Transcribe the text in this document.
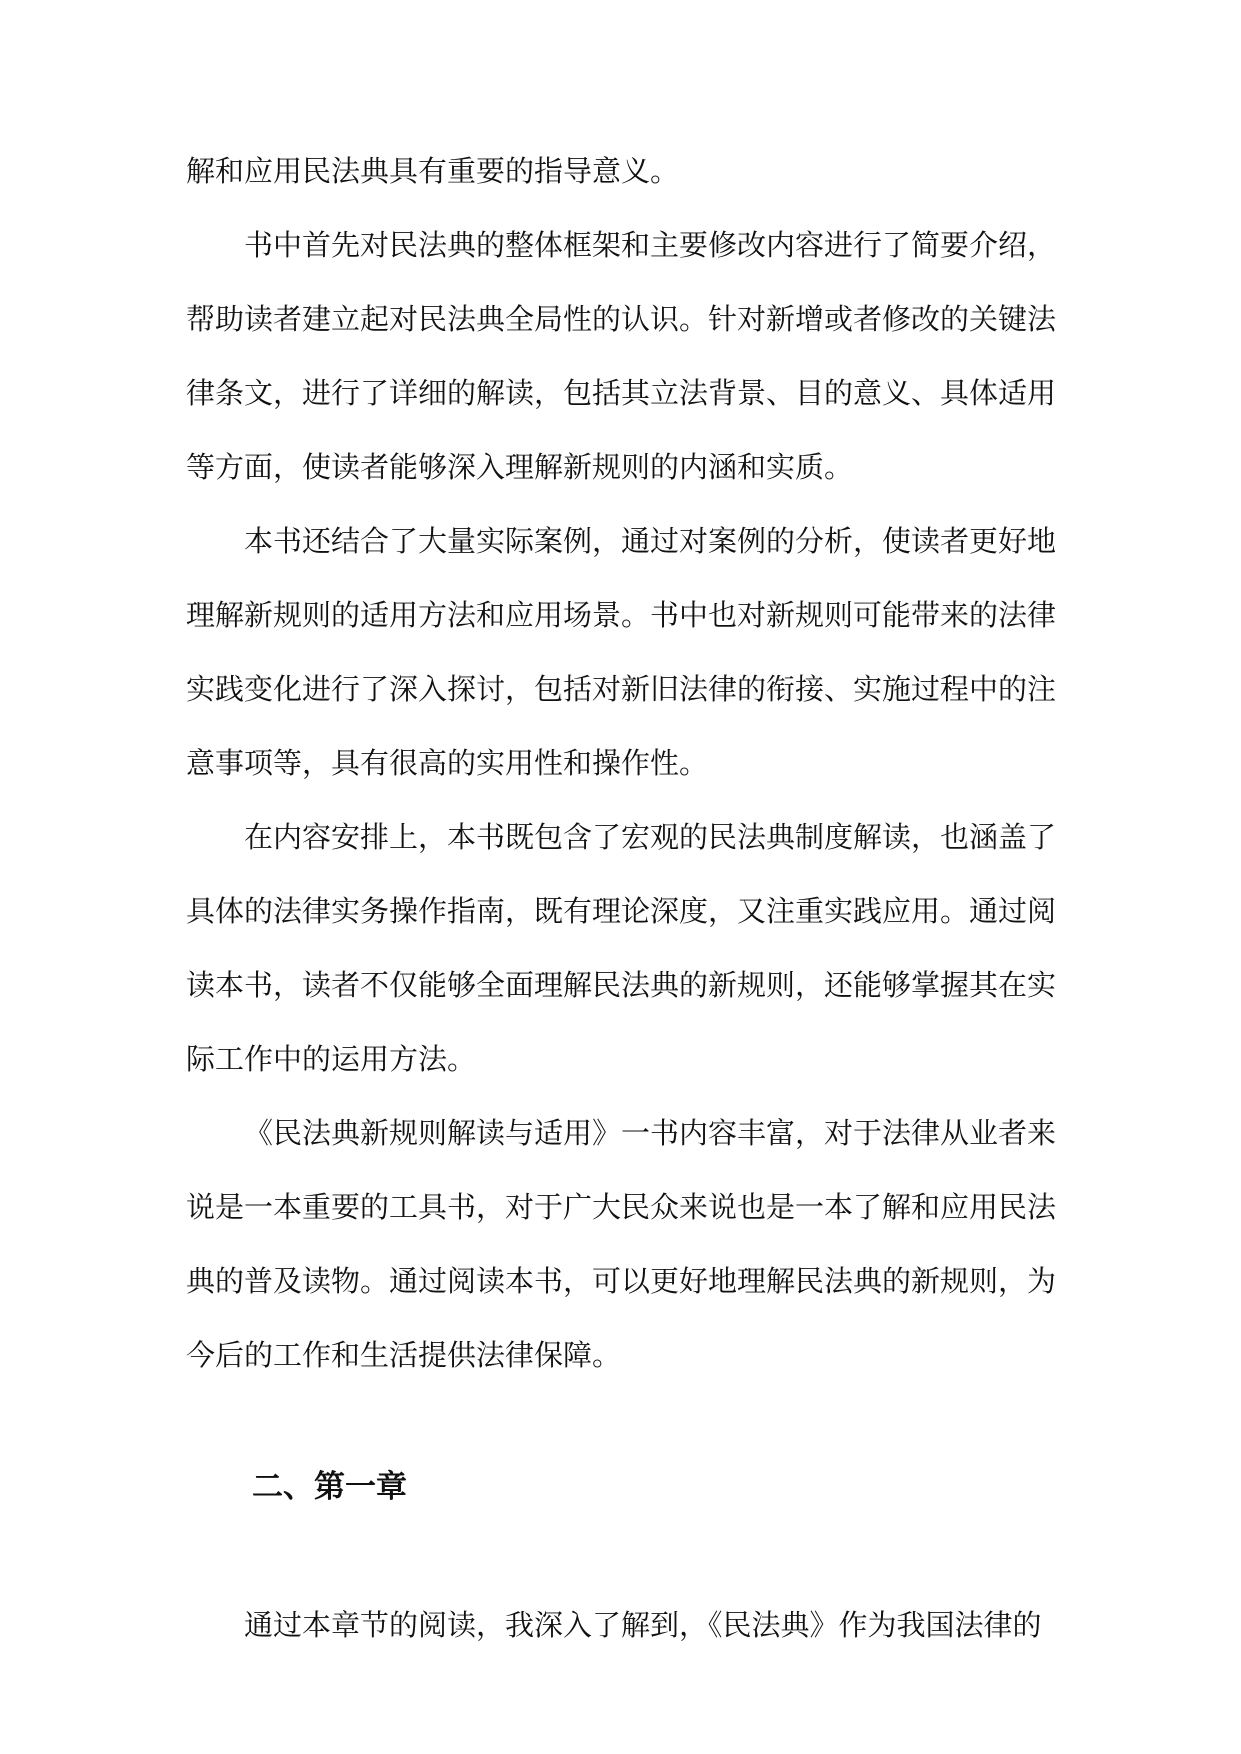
解和应用民法典具有重要的指导意义。

书中首先对民法典的整体框架和主要修改内容进行了简要介绍，帮助读者建立起对民法典全局性的认识。针对新增或者修改的关键法律条文，进行了详细的解读，包括其立法背景、目的意义、具体适用等方面，使读者能够深入理解新规则的内涵和实质。

本书还结合了大量实际案例，通过对案例的分析，使读者更好地理解新规则的适用方法和应用场景。书中也对新规则可能带来的法律实践变化进行了深入探讨，包括对新旧法律的衔接、实施过程中的注意事项等，具有很高的实用性和操作性。

在内容安排上，本书既包含了宏观的民法典制度解读，也涵盖了具体的法律实务操作指南，既有理论深度，又注重实践应用。通过阅读本书，读者不仅能够全面理解民法典的新规则，还能够掌握其在实际工作中的运用方法。

《民法典新规则解读与适用》一书内容丰富，对于法律从业者来说是一本重要的工具书，对于广大民众来说也是一本了解和应用民法典的普及读物。通过阅读本书，可以更好地理解民法典的新规则，为今后的工作和生活提供法律保障。

二、第一章

通过本章节的阅读，我深入了解到，《民法典》作为我国法律的
